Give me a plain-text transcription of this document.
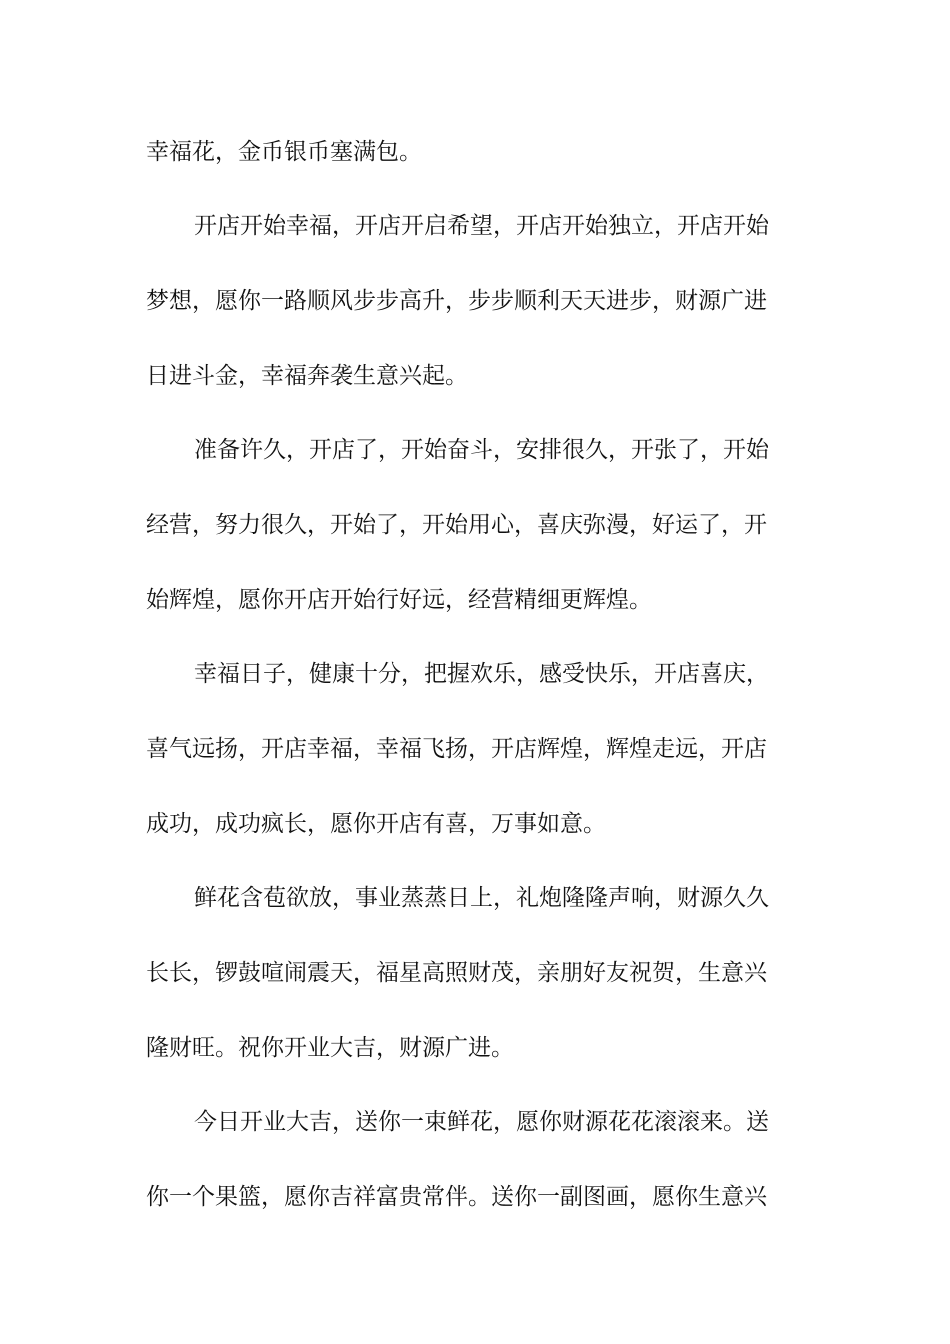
幸福花，金币银币塞满包。
开店开始幸福，开店开启希望，开店开始独立，开店开始
梦想，愿你一路顺风步步高升，步步顺利天天进步，财源广进
日进斗金，幸福奔袭生意兴起。
准备许久，开店了，开始奋斗，安排很久，开张了，开始
经营，努力很久，开始了，开始用心，喜庆弥漫，好运了，开
始辉煌，愿你开店开始行好远，经营精细更辉煌。
幸福日子，健康十分，把握欢乐，感受快乐，开店喜庆，
喜气远扬，开店幸福，幸福飞扬，开店辉煌，辉煌走远，开店
成功，成功疯长，愿你开店有喜，万事如意。
鲜花含苞欲放，事业蒸蒸日上，礼炮隆隆声响，财源久久
长长，锣鼓喧闹震天，福星高照财茂，亲朋好友祝贺，生意兴
隆财旺。祝你开业大吉，财源广进。
今日开业大吉，送你一束鲜花，愿你财源花花滚滚来。送
你一个果篮，愿你吉祥富贵常伴。送你一副图画，愿你生意兴
